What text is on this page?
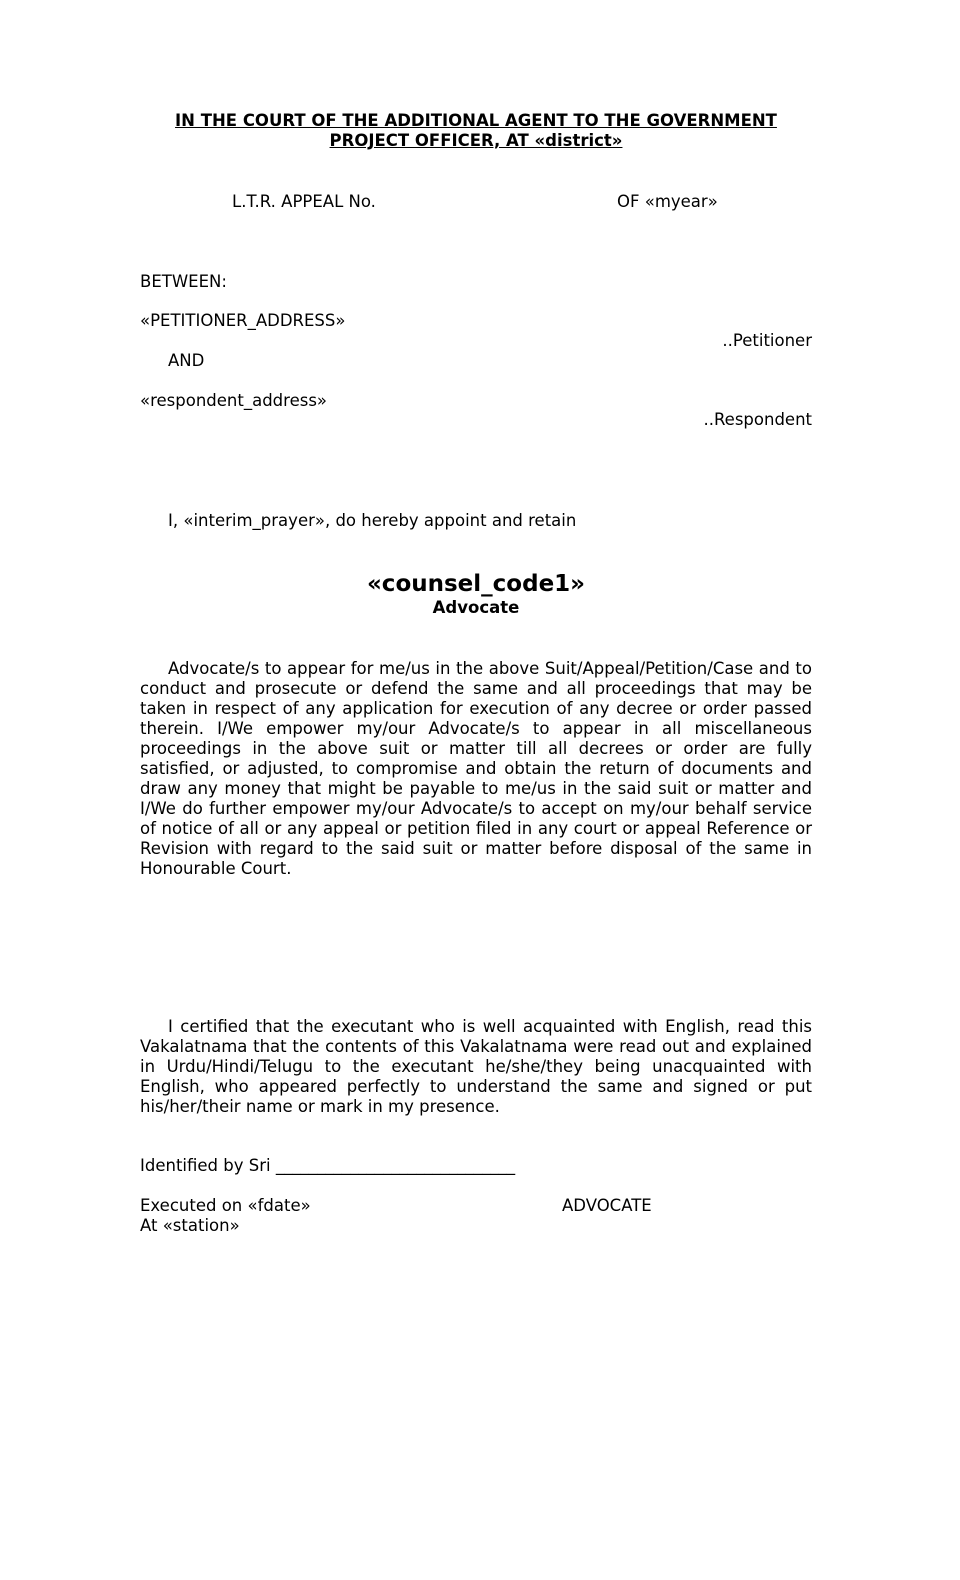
IN THE COURT OF THE ADDITIONAL AGENT TO THE GOVERNMENT
PROJECT OFFICER, AT «district»
L.T.R. APPEAL No.	OF «myear»
BETWEEN:
«PETITIONER_ADDRESS»
..Petitioner
AND
«respondent_address»
..Respondent
I, «interim_prayer», do hereby appoint and retain
«counsel_code1»
Advocate
Advocate/s to appear for me/us in the above Suit/Appeal/Petition/Case and to conduct and prosecute or defend the same and all proceedings that may be taken in respect of any application for execution of any decree or order passed therein. I/We empower my/our Advocate/s to appear in all miscellaneous proceedings in the above suit or matter till all decrees or order are fully satisfied, or adjusted, to compromise and obtain the return of documents and draw any money that might be payable to me/us in the said suit or matter and I/We do further empower my/our Advocate/s to accept on my/our behalf service of notice of all or any appeal or petition filed in any court or appeal Reference or Revision with regard to the said suit or matter before disposal of the same in Honourable Court.
I certified that the executant who is well acquainted with English, read this Vakalatnama that the contents of this Vakalatnama were read out and explained in Urdu/Hindi/Telugu to the executant he/she/they being unacquainted with English, who appeared perfectly to understand the same and signed or put his/her/their name or mark in my presence.
Identified by Sri _____________________________
Executed on «fdate»
At «station»
ADVOCATE
